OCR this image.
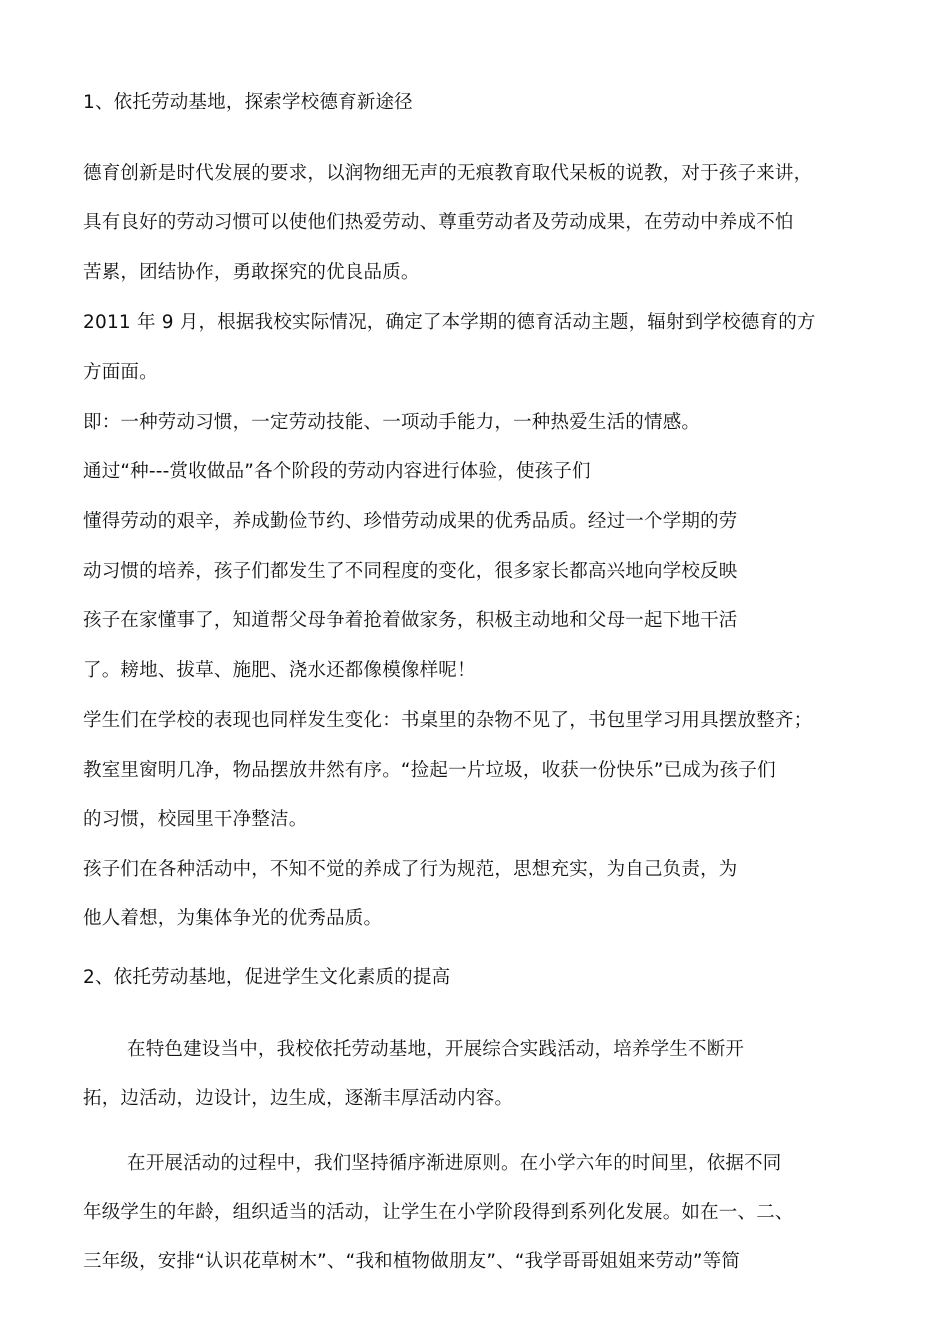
1、依托劳动基地，探索学校德育新途径
德育创新是时代发展的要求，以润物细无声的无痕教育取代呆板的说教，对于孩子来讲，
具有良好的劳动习惯可以使他们热爱劳动、尊重劳动者及劳动成果，在劳动中养成不怕
苦累，团结协作，勇敢探究的优良品质。
2011 年 9 月，根据我校实际情况，确定了本学期的德育活动主题，辐射到学校德育的方
方面面。
即：一种劳动习惯，一定劳动技能、一项动手能力，一种热爱生活的情感。
通过“种---赏收做品”各个阶段的劳动内容进行体验，使孩子们
懂得劳动的艰辛，养成勤俭节约、珍惜劳动成果的优秀品质。经过一个学期的劳
动习惯的培养，孩子们都发生了不同程度的变化，很多家长都高兴地向学校反映
孩子在家懂事了，知道帮父母争着抢着做家务，积极主动地和父母一起下地干活
了。耪地、拔草、施肥、浇水还都像模像样呢！
学生们在学校的表现也同样发生变化：书桌里的杂物不见了，书包里学习用具摆放整齐；
教室里窗明几净，物品摆放井然有序。“捡起一片垃圾，收获一份快乐”已成为孩子们
的习惯，校园里干净整洁。
孩子们在各种活动中，不知不觉的养成了行为规范，思想充实，为自己负责，为
他人着想，为集体争光的优秀品质。
2、依托劳动基地，促进学生文化素质的提高
在特色建设当中，我校依托劳动基地，开展综合实践活动，培养学生不断开
拓，边活动，边设计，边生成，逐渐丰厚活动内容。
在开展活动的过程中，我们坚持循序渐进原则。在小学六年的时间里，依据不同
年级学生的年龄，组织适当的活动，让学生在小学阶段得到系列化发展。如在一、二、
三年级，安排“认识花草树木”、“我和植物做朋友”、“我学哥哥姐姐来劳动”等简
